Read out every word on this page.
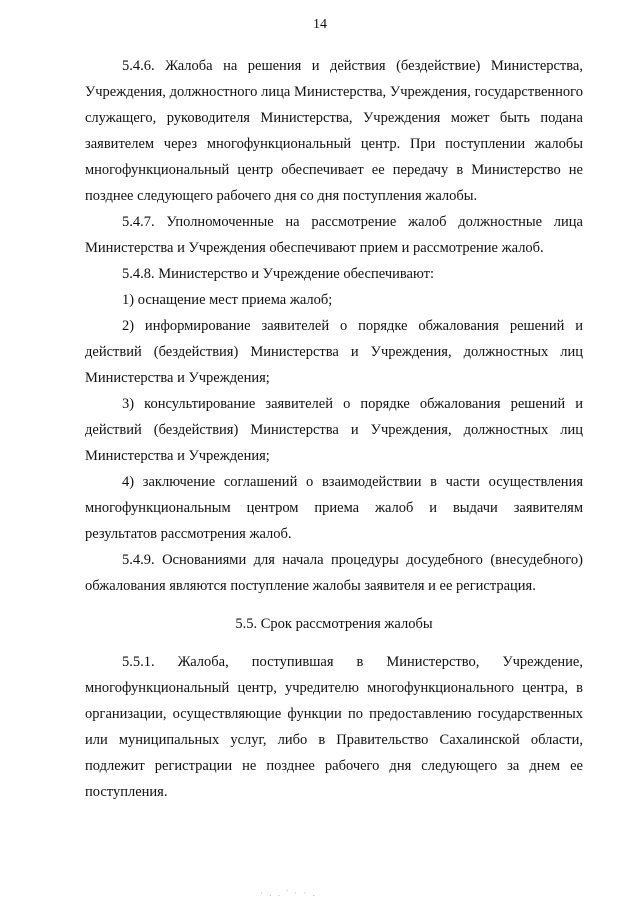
14

5.4.6. Жалоба на решения и действия (бездействие) Министерства, Учреждения, должностного лица Министерства, Учреждения, государственного служащего, руководителя Министерства, Учреждения может быть подана заявителем через многофункциональный центр. При поступлении жалобы многофункциональный центр обеспечивает ее передачу в Министерство не позднее следующего рабочего дня со дня поступления жалобы.

5.4.7. Уполномоченные на рассмотрение жалоб должностные лица Министерства и Учреждения обеспечивают прием и рассмотрение жалоб.

5.4.8. Министерство и Учреждение обеспечивают:

1) оснащение мест приема жалоб;

2) информирование заявителей о порядке обжалования решений и действий (бездействия) Министерства и Учреждения, должностных лиц Министерства и Учреждения;

3) консультирование заявителей о порядке обжалования решений и действий (бездействия) Министерства и Учреждения, должностных лиц Министерства и Учреждения;

4) заключение соглашений о взаимодействии в части осуществления многофункциональным центром приема жалоб и выдачи заявителям результатов рассмотрения жалоб.

5.4.9. Основаниями для начала процедуры досудебного (внесудебного) обжалования являются поступление жалобы заявителя и ее регистрация.

5.5. Срок рассмотрения жалобы

5.5.1. Жалоба, поступившая в Министерство, Учреждение, многофункциональный центр, учредителю многофункционального центра, в организации, осуществляющие функции по предоставлению государственных или муниципальных услуг, либо в Правительство Сахалинской области, подлежит регистрации не позднее рабочего дня следующего за днем ее поступления.

· . . ' · · .
